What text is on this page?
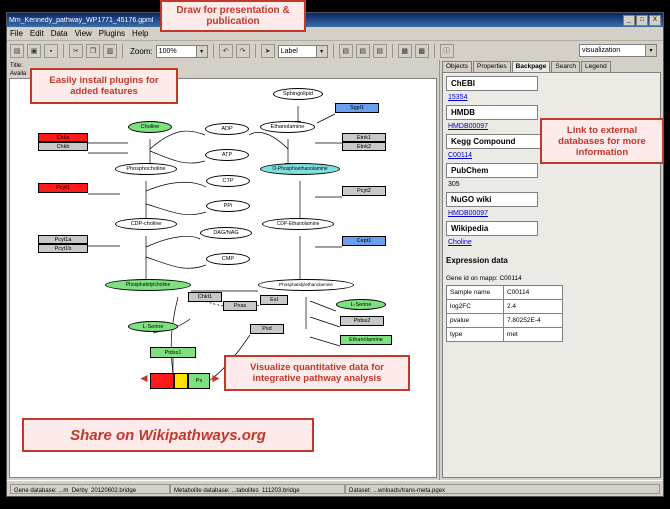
Mm_Kennedy_pathway_WP1771_45176.gpml	_	□	X
File Edit Data View Plugins Help
▤	▣	▪	✂	❐	▥	Zoom: 100%	▾	↶	↷	➤	Label	▾	▤	▤	▤	▦	▩	ⓘ	visualization	▾
Title:
Availa
Sphingolipid
Sgpl1
Ethanolamine
Choline
Chka
Chkb
Etnk1
Etnk2
ADP
ATP
Phosphocholine	O-Phosphoethanolamine
Pcyt1	Pcyt2
CTP
PPi
CDP-choline	CDP-Ethanolamine
Pcyt1a
Pcyt1b
Cept1
DAG/NAG
CMP
Phosphatidylcholine	Phosphatidylethanolamine
Chkt1
Pnas
Esl
L-Serine
Ptdss2
Ethanolamine
L-Serine	Psd
Ptdss1
Ps
◄	►
Objects	Properties	Backpage	Search	Legend
ChEBI
15354
HMDB
HMDB00097
Kegg Compound
C00114
PubChem
305
NuGO wiki
HMDB00097
Wikipedia
Choline
Expression data
Gene id on mapp: C00114
Sample name	C00114
log2FC	2.4
pvalue	7.80252E-4
type	met
Gene database: ...m_Derby_20120602.bridge	Metabolite database: ...tabolites_111203.bridge	Dataset: ...wnloads/trans-meta.pgex
Draw for presentation & publication
Easily install plugins for added features
Link to external databases for more information
Visualize quantitative data for integrative pathway analysis
Share on Wikipathways.org
